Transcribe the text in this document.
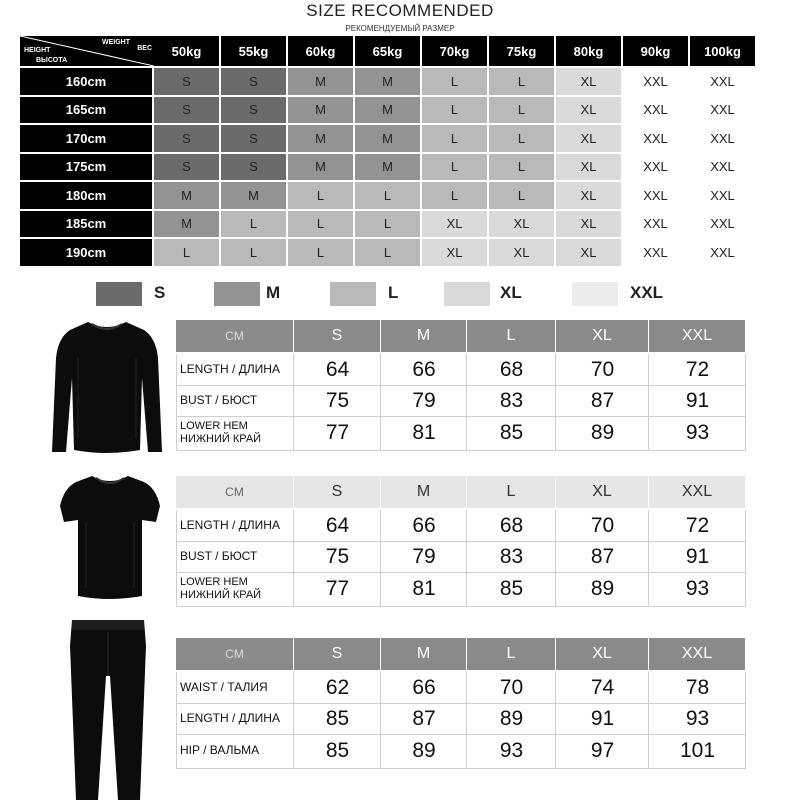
SIZE RECOMMENDED
РЕКОМЕНДУЕМЫЙ РАЗМЕР
WEIGHT
ВЕС
HEIGHT
ВЫСОТА
50kg	55kg	60kg	65kg	70kg	75kg	80kg	90kg	100kg
160cm	S	S	M	M	L	L	XL	XXL	XXL
165cm	S	S	M	M	L	L	XL	XXL	XXL
170cm	S	S	M	M	L	L	XL	XXL	XXL
175cm	S	S	M	M	L	L	XL	XXL	XXL
180cm	M	M	L	L	L	L	XL	XXL	XXL
185cm	M	L	L	L	XL	XL	XL	XXL	XXL
190cm	L	L	L	L	XL	XL	XL	XXL	XXL
S	M	L	XL	XXL
CM	S	M	L	XL	XXL
LENGTH / ДЛИНА	64	66	68	70	72
BUST / БЮСТ	75	79	83	87	91
LOWER HEM
НИЖНИЙ КРАЙ	77	81	85	89	93
CM	S	M	L	XL	XXL
LENGTH / ДЛИНА	64	66	68	70	72
BUST / БЮСТ	75	79	83	87	91
LOWER HEM
НИЖНИЙ КРАЙ	77	81	85	89	93
CM	S	M	L	XL	XXL
WAIST / ТАЛИЯ	62	66	70	74	78
LENGTH / ДЛИНА	85	87	89	91	93
HIP / ВАЛЬМА	85	89	93	97	101
